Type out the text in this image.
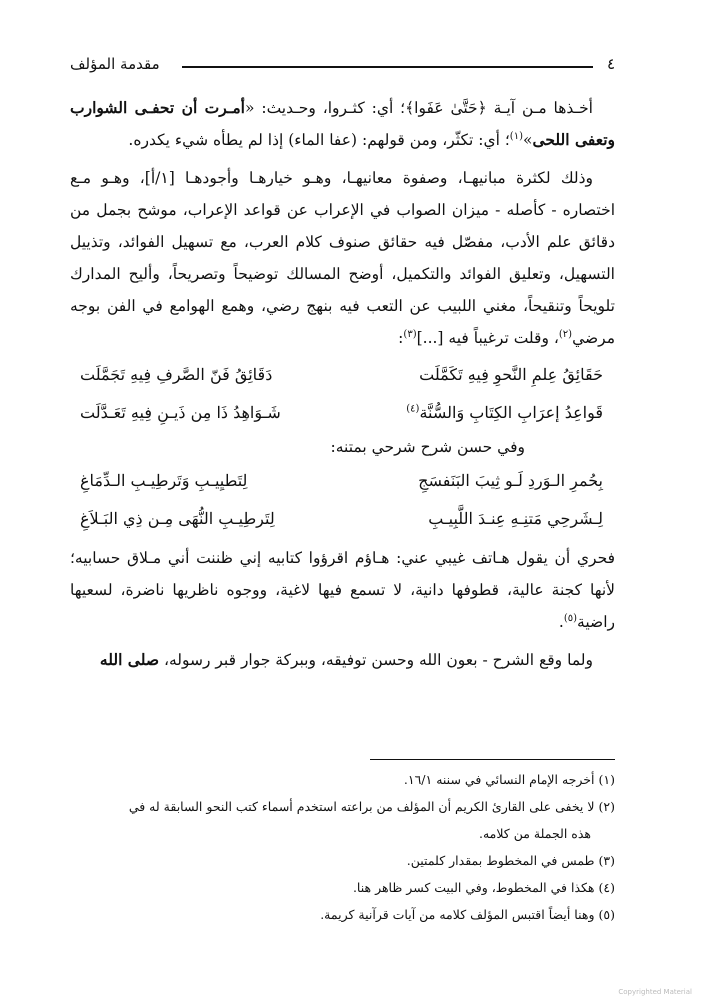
٤
مقدمة المؤلف

أخـذها مـن آيـة ﴿حَتَّىٰ عَفَوا﴾؛ أي: كثـروا، وحـديث: «أمـرت أن تحفـى الشوارب وتعفى اللحى»$^{(١)}$؛ أي: تكثّر، ومن قولهم: (عفا الماء) إذا لم يطأه شيء يكدره.

وذلك لكثرة مبانيهـا، وصفوة معانيهـا، وهـو خيارهـا وأجودهـا [١/أ]، وهـو مـع اختصاره - كأصله - ميزان الصواب في الإعراب عن قواعد الإعراب، موشح بجمل من دقائق علم الأدب، مفصّل فيه حقائق صنوف كلام العرب، مع تسهيل الفوائد، وتذييل التسهيل، وتعليق الفوائد والتكميل، أوضح المسالك توضيحاً وتصريحاً، وأليح المدارك تلويحاً وتنقيحاً، مغني اللبيب عن التعب فيه بنهج رضي، وهمع الهوامع في الفن بوجه مرضي$^{(٢)}$، وقلت ترغيباً فيه [...]$^{(٣)}$:

حَقَائِقُ عِلمِ النَّحوِ فِيهِ تَكَمَّلَت
دَقَائِقُ فَنّ الصَّرفِ فِيهِ تَجَمَّلَت
قَواعِدُ إعرَابِ الكِتَابِ وَالسُّنَّة$^{(٤)}$
شَـوَاهِدُ ذَا مِن ذَيـنِ فِيهِ تَعَـدَّلَت
وفي حسن شرح شرحي بمتنه:
بِحُمرِ الـوَردِ لَـو ثِيبَ البَنَفسَجِ
لِتَطيِيـبِ وَتَرطِيـبِ الـدِّمَاغِ
لِـشَرحِي مَتنِـهِ عِنـدَ اللَّبِيـبِ
لِتَرطِيـبِ النُّهَى مِـن ذِي البَـلاَغِ

فحري أن يقول هـاتف غيبي عني: هـاؤم اقرؤوا كتابيه إني ظننت أني مـلاق حسابيه؛ لأنها كجنة عالية، قطوفها دانية، لا تسمع فيها لاغية، ووجوه ناظريها ناضرة، لسعيها راضية$^{(٥)}$.

ولما وقع الشرح - بعون الله وحسن توفيقه، وببركة جوار قبر رسوله، صلى الله

(١)أخرجه الإمام النسائي في سننه ١٦/١.

(٢)لا يخفى على القارئ الكريم أن المؤلف من براعته استخدم أسماء كتب النحو السابقة له في

هذه الجملة من كلامه.

(٣)طمس في المخطوط بمقدار كلمتين.

(٤)هكذا في المخطوط، وفي البيت كسر ظاهر هنا.

(٥)وهنا أيضاً اقتبس المؤلف كلامه من آيات قرآنية كريمة.

Copyrighted Material
